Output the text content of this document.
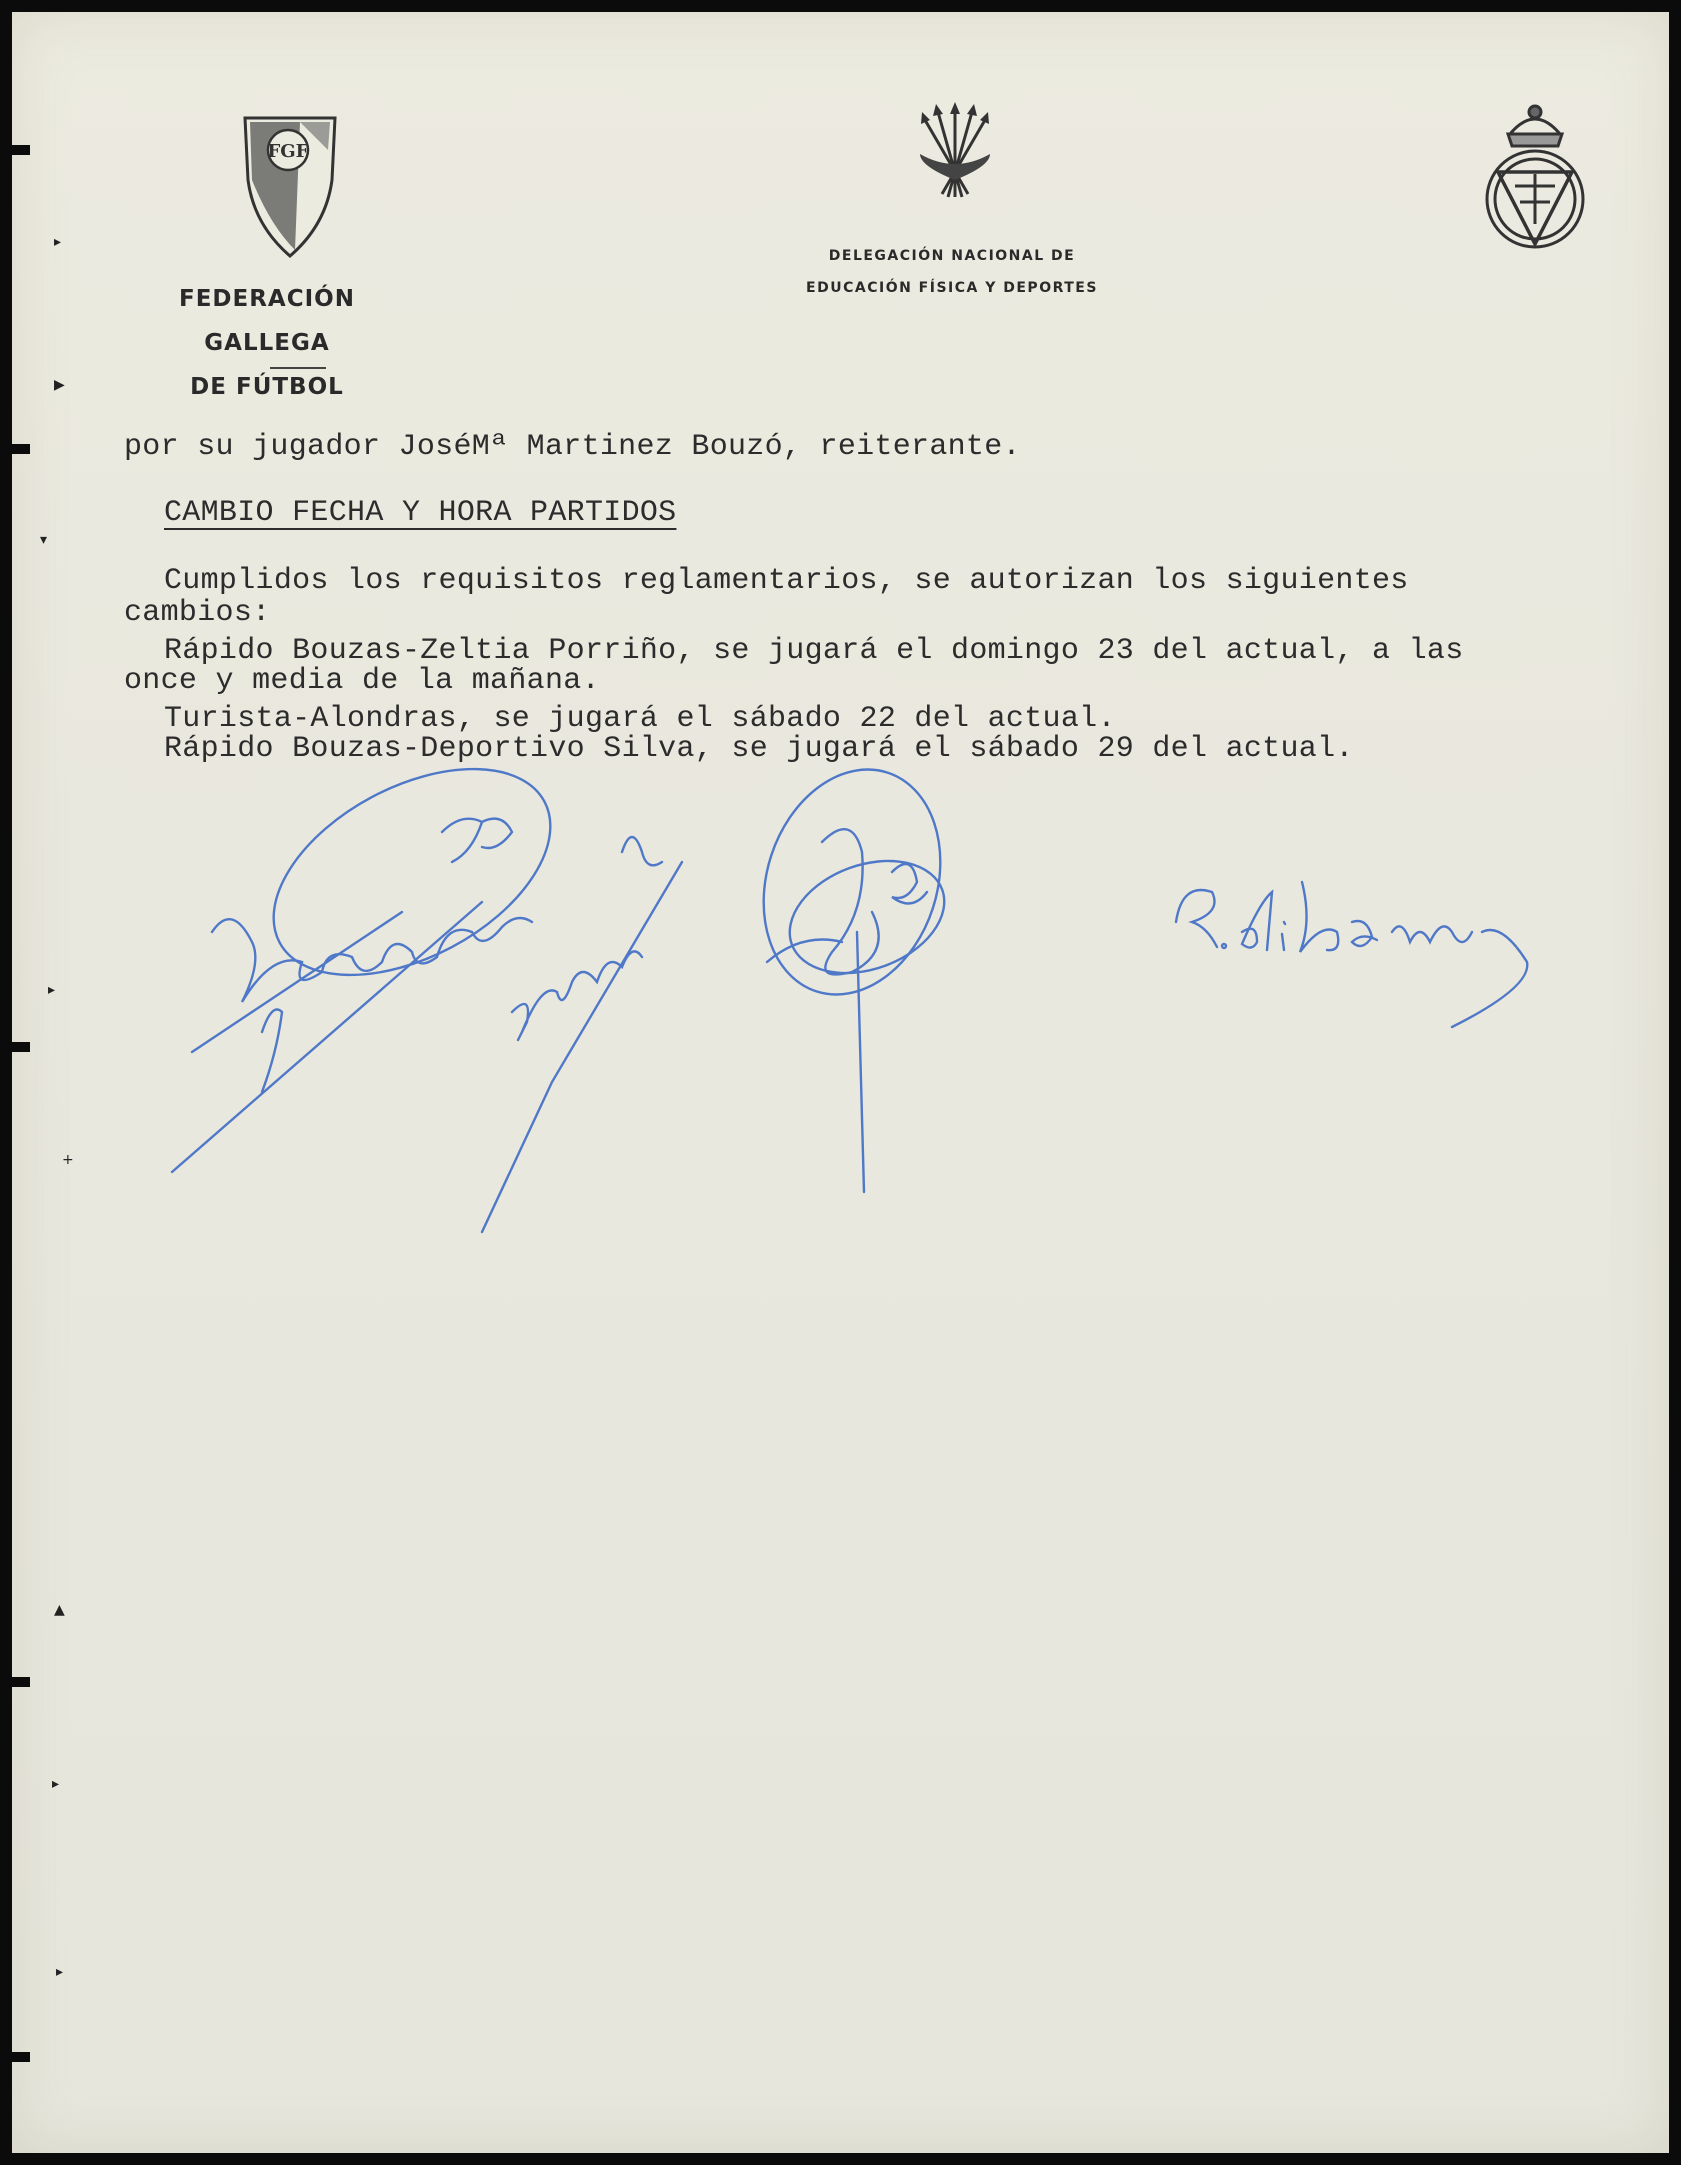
▸
▶
▾
▸
+
▲
▸
▸
FGF
FEDERACIÓN GALLEGA
DE FÚTBOL
DELEGACIÓN NACIONAL DE
EDUCACIÓN FÍSICA Y DEPORTES
por su jugador JoséMª Martinez Bouzó, reiterante.
CAMBIO FECHA Y HORA PARTIDOS
Cumplidos los requisitos reglamentarios, se autorizan los siguientes
cambios:
Rápido Bouzas-Zeltia Porriño, se jugará el domingo 23 del actual, a las
once y media de la mañana.
Turista-Alondras, se jugará el sábado 22 del actual.
Rápido Bouzas-Deportivo Silva, se jugará el sábado 29 del actual.
